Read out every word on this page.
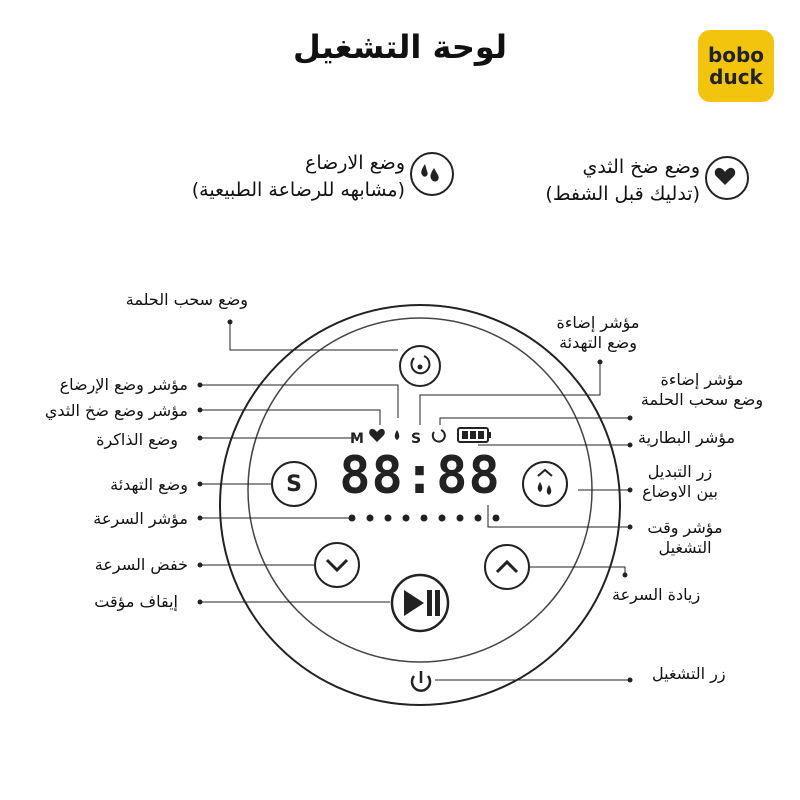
لوحة التشغيل	bobo
duck
وضع الارضاع
(مشابهه للرضاعة الطبيعية)
وضع ضخ الثدي
(تدليك قبل الشفط)
M	S
88:88
S
وضع سحب الحلمة
مؤشر وضع الإرضاع
مؤشر وضع ضخ الثدي
وضع الذاكرة
وضع التهدئة
مؤشر السرعة
خفض السرعة
إيقاف مؤقت
مؤشر إضاءة
وضع التهدئة
مؤشر إضاءة
وضع سحب الحلمة
مؤشر البطارية
زر التبديل
بين الاوضاع
مؤشر وقت
التشغيل
زيادة السرعة
زر التشغيل
